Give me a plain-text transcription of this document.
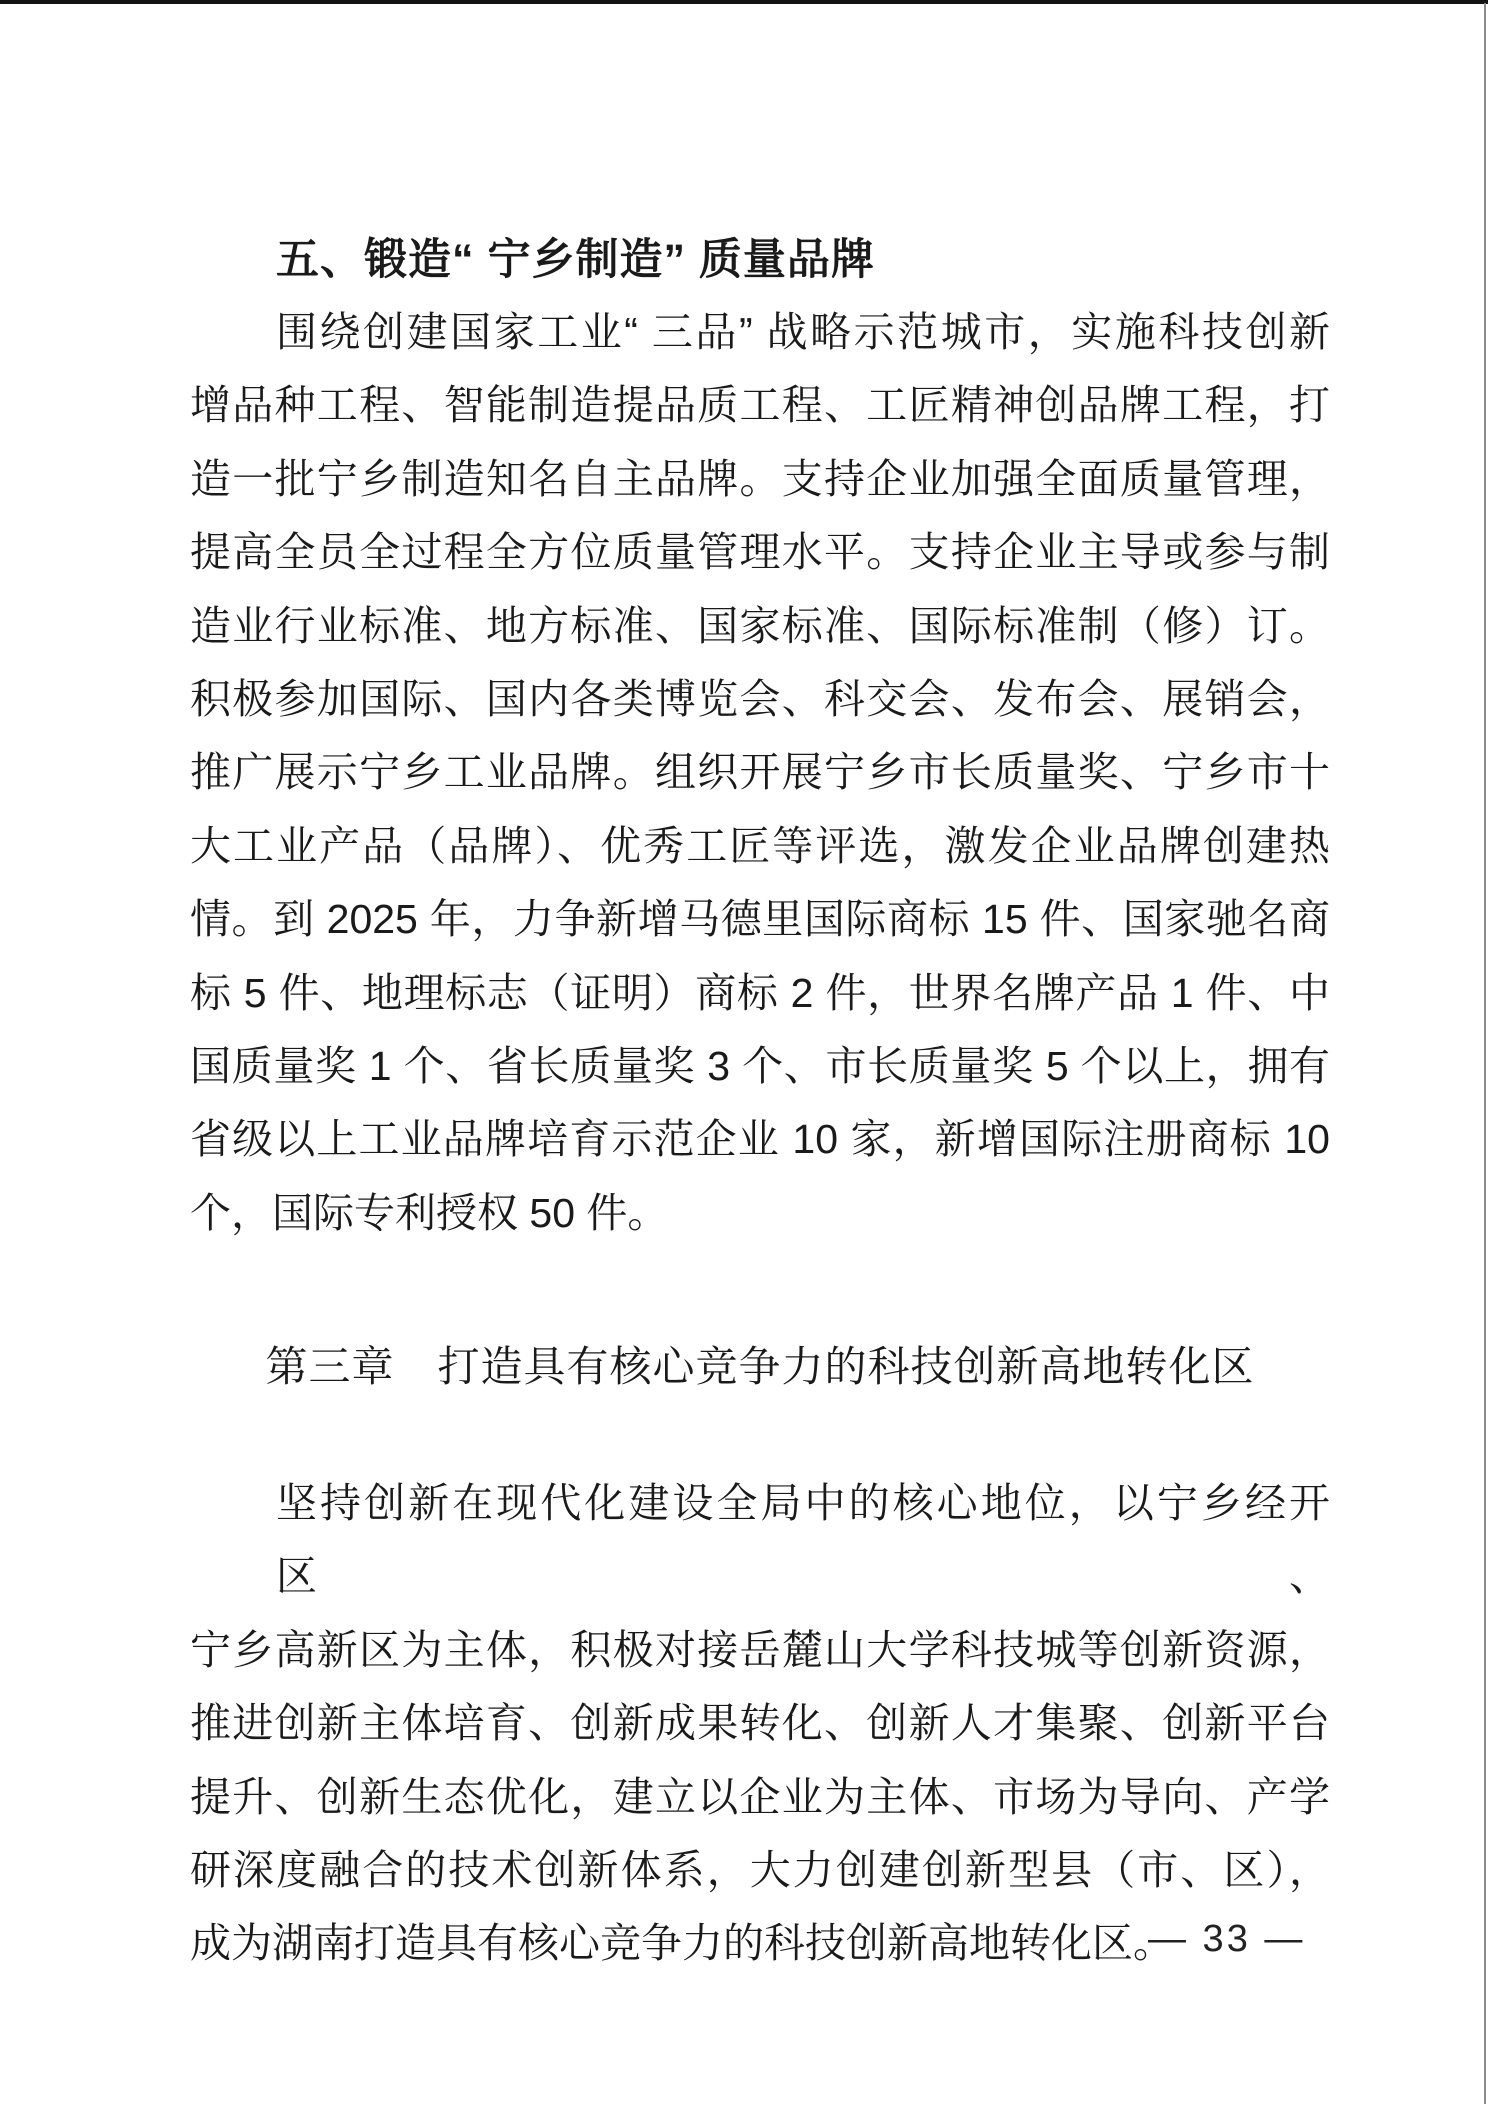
五、锻造“ 宁乡制造” 质量品牌
围绕创建国家工业“ 三品” 战略示范城市，实施科技创新
增品种工程、智能制造提品质工程、工匠精神创品牌工程，打
造一批宁乡制造知名自主品牌。支持企业加强全面质量管理，
提高全员全过程全方位质量管理水平。支持企业主导或参与制
造业行业标准、地方标准、国家标准、国际标准制（修）订。
积极参加国际、国内各类博览会、科交会、发布会、展销会，
推广展示宁乡工业品牌。组织开展宁乡市长质量奖、宁乡市十
大工业产品（品牌）、优秀工匠等评选，激发企业品牌创建热
情。到 2025 年，力争新增马德里国际商标 15 件、国家驰名商
标 5 件、地理标志（证明）商标 2 件，世界名牌产品 1 件、中
国质量奖 1 个、省长质量奖 3 个、市长质量奖 5 个以上，拥有
省级以上工业品牌培育示范企业 10 家，新增国际注册商标 10
个，国际专利授权 50 件。
第三章　打造具有核心竞争力的科技创新高地转化区
坚持创新在现代化建设全局中的核心地位，以宁乡经开区、
宁乡高新区为主体，积极对接岳麓山大学科技城等创新资源，
推进创新主体培育、创新成果转化、创新人才集聚、创新平台
提升、创新生态优化，建立以企业为主体、市场为导向、产学
研深度融合的技术创新体系，大力创建创新型县（市、区），
成为湖南打造具有核心竞争力的科技创新高地转化区。
— 33 —
